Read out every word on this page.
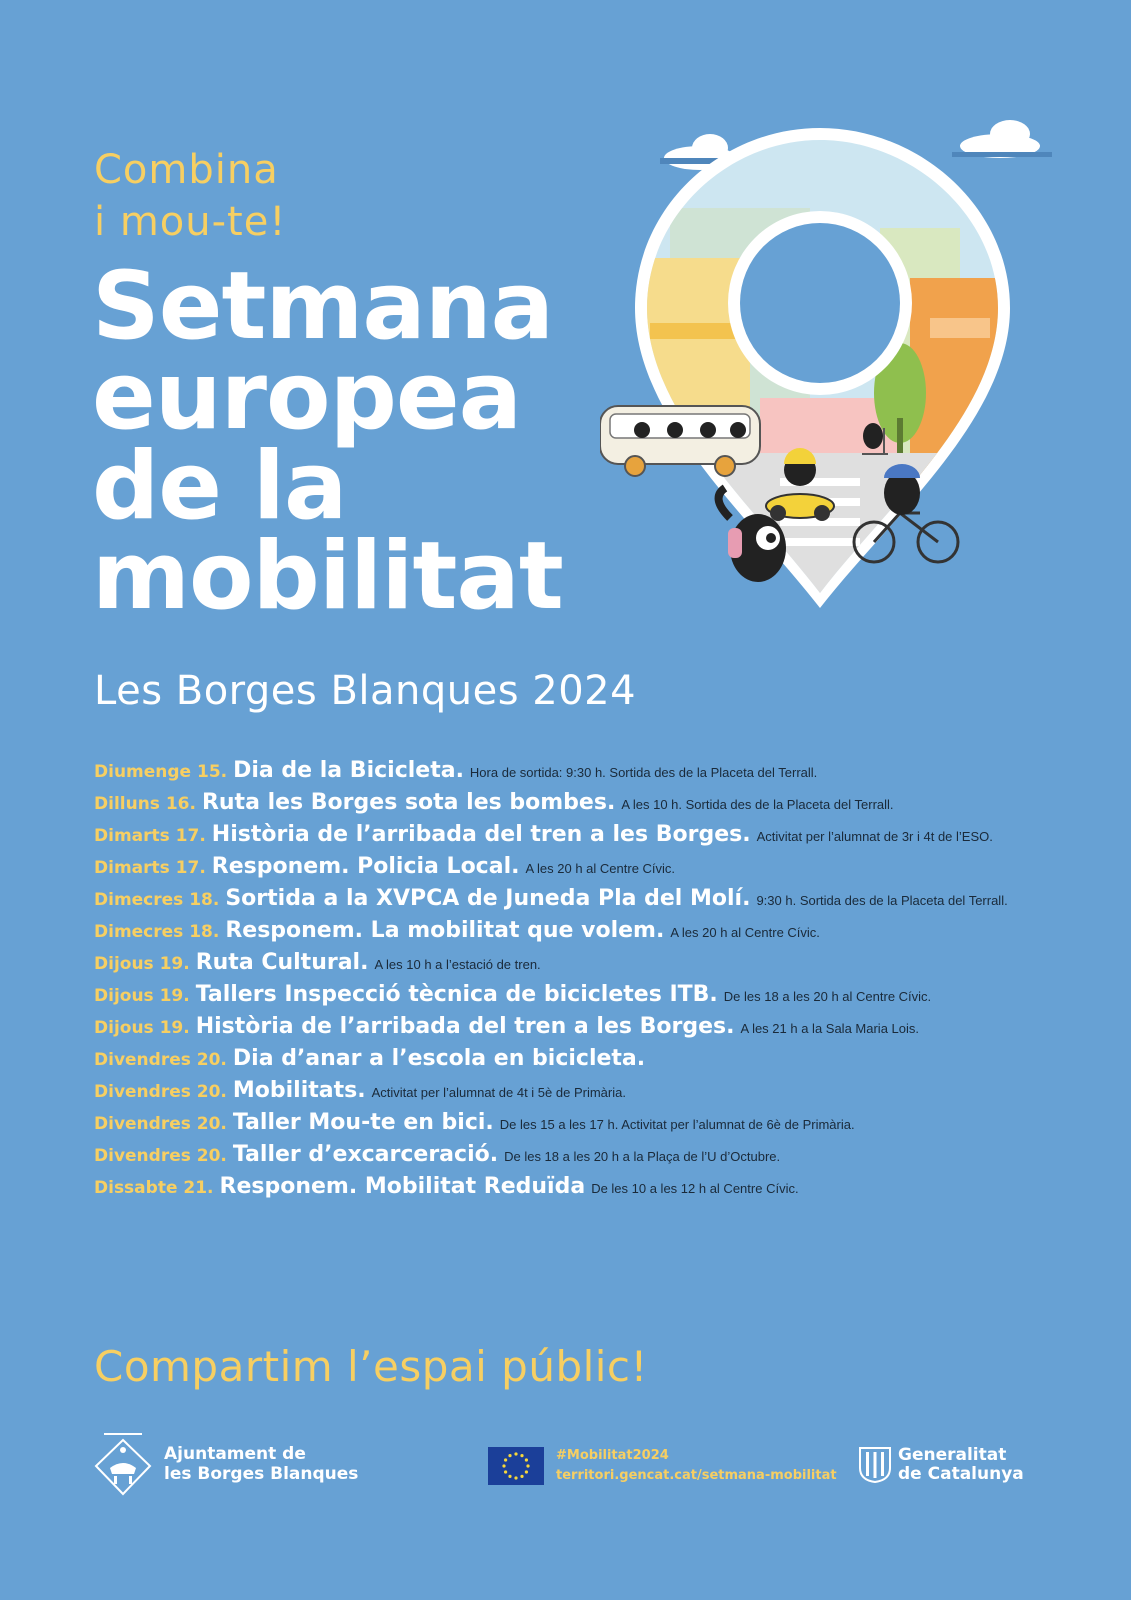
Combina
i mou-te!
Setmana
europea
de la
mobilitat
Les Borges Blanques 2024
Diumenge 15. Dia de la Bicicleta. Hora de sortida: 9:30 h. Sortida des de la Placeta del Terrall.
Dilluns 16. Ruta les Borges sota les bombes. A les 10 h. Sortida des de la Placeta del Terrall.
Dimarts 17. Història de l’arribada del tren a les Borges. Activitat per l’alumnat de 3r i 4t de l’ESO.
Dimarts 17. Responem. Policia Local. A les 20 h al Centre Cívic.
Dimecres 18. Sortida a la XVPCA de Juneda Pla del Molí. 9:30 h. Sortida des de la Placeta del Terrall.
Dimecres 18. Responem. La mobilitat que volem. A les 20 h al Centre Cívic.
Dijous 19. Ruta Cultural. A les 10 h a l’estació de tren.
Dijous 19. Tallers Inspecció tècnica de bicicletes ITB. De les 18 a les 20 h al Centre Cívic.
Dijous 19. Història de l’arribada del tren a les Borges. A les 21 h a la Sala Maria Lois.
Divendres 20. Dia d’anar a l’escola en bicicleta.
Divendres 20. Mobilitats. Activitat per l’alumnat de 4t i 5è de Primària.
Divendres 20. Taller Mou-te en bici. De les 15 a les 17 h. Activitat per l’alumnat de 6è de Primària.
Divendres 20. Taller d’excarceració. De les 18 a les 20 h a la Plaça de l’U d’Octubre.
Dissabte 21. Responem. Mobilitat Reduïda De les 10 a les 12 h al Centre Cívic.
Compartim l’espai públic!
Ajuntament de
les Borges Blanques
#Mobilitat2024
territori.gencat.cat/setmana-mobilitat
Generalitat
de Catalunya
